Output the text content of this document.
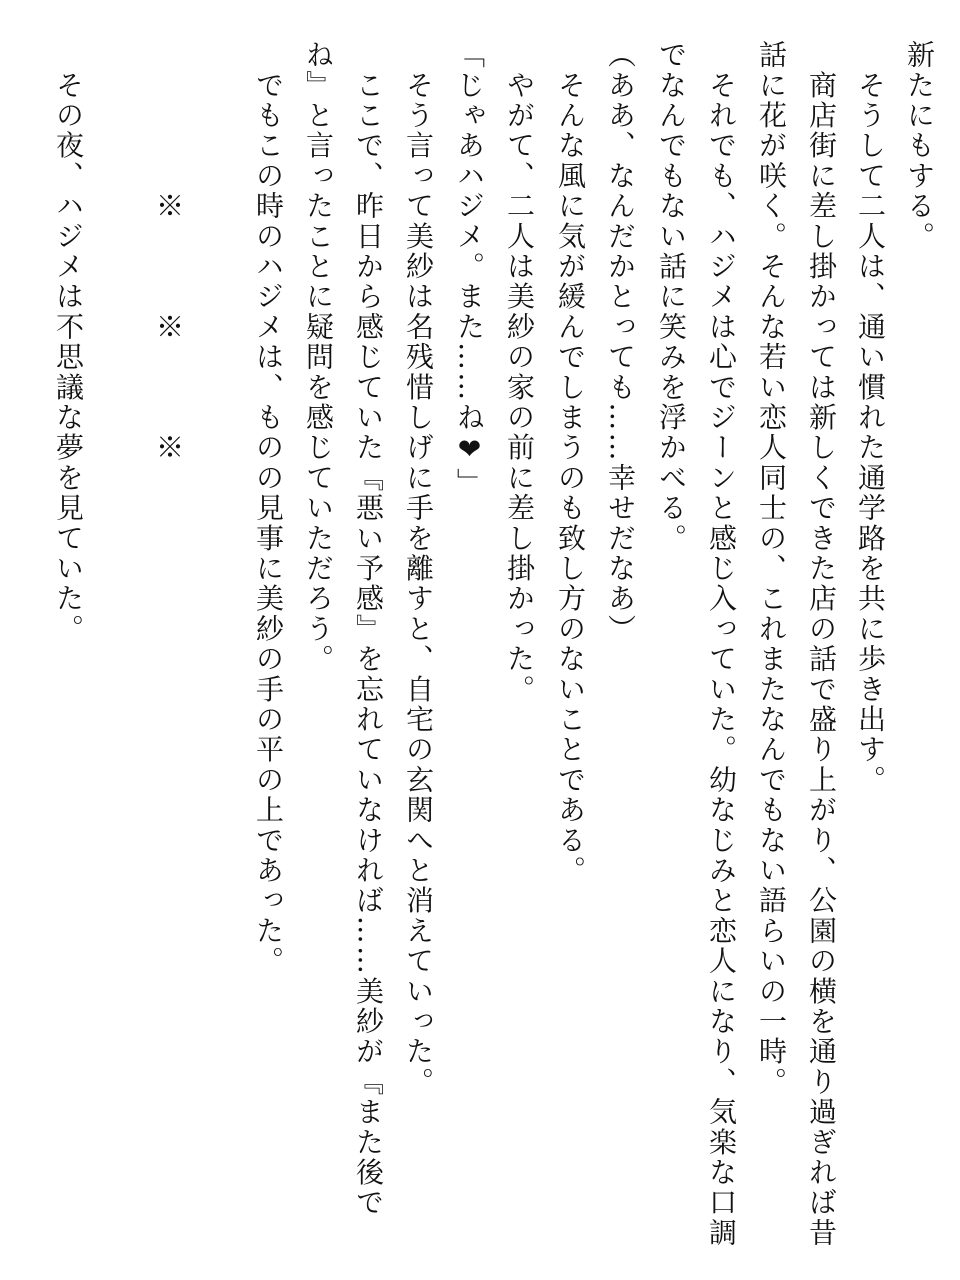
新たにもする。
　そうして二人は、通い慣れた通学路を共に歩き出す。
　商店街に差し掛かっては新しくできた店の話で盛り上がり、公園の横を通り過ぎれば昔
話に花が咲く。そんな若い恋人同士の、これまたなんでもない語らいの一時。
　それでも、ハジメは心でジーンと感じ入っていた。幼なじみと恋人になり、気楽な口調
でなんでもない話に笑みを浮かべる。
（ああ、なんだかとっても……幸せだなあ）
　そんな風に気が緩んでしまうのも致し方のないことである。
　やがて、二人は美紗の家の前に差し掛かった。
「じゃあハジメ。また……ね❤」
　そう言って美紗は名残惜しげに手を離すと、自宅の玄関へと消えていった。
　ここで、昨日から感じていた『悪い予感』を忘れていなければ……美紗が『また後で
ね』と言ったことに疑問を感じていただろう。
　でもこの時のハジメは、ものの見事に美紗の手の平の上であった。
　　　　　※　　　※　　　※
　その夜、ハジメは不思議な夢を見ていた。
